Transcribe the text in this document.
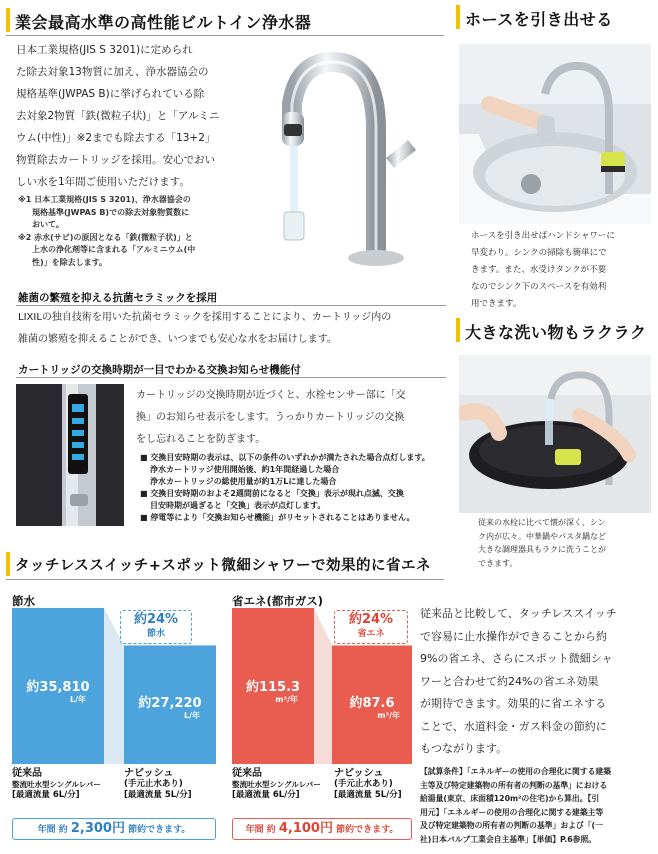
業会最高水準の高性能ビルトイン浄水器
日本工業規格(JIS S 3201)に定められ
た除去対象13物質に加え、浄水器協会の
規格基準(JWPAS B)に挙げられている除
去対象2物質「鉄(微粒子状)」と「アルミニ
ウム(中性)」※2までも除去する「13+2」
物質除去カートリッジを採用。安心でおい
しい水を1年間ご使用いただけます。
※1 日本工業規格(JIS S 3201)、浄水器協会の
規格基準(JWPAS B)での除去対象物質数に
おいて。
※2 赤水(サビ)の原因となる「鉄(微粒子状)」と
上水の浄化剤等に含まれる「アルミニウム(中
性)」を除去します。
ホースを引き出せる
ホースを引き出せばハンドシャワーに
早変わり。シンクの掃除も簡単にで
きます。また、水受けタンクが不要
なのでシンク下のスペースを有効利
用できます。
大きな洗い物もラクラク
従来の水栓に比べて懐が深く、シン
ク内が広々。中華鍋やパスタ鍋など
大きな調理器具もラクに洗うことが
できます。
雑菌の繁殖を抑える抗菌セラミックを採用
LIXILの独自技術を用いた抗菌セラミックを採用することにより、カートリッジ内の
雑菌の繁殖を抑えることができ、いつまでも安心な水をお届けします。
カートリッジの交換時期が一目でわかる交換お知らせ機能付
カートリッジの交換時期が近づくと、水栓センサー部に「交
換」のお知らせ表示をします。うっかりカートリッジの交換
をし忘れることを防ぎます。
■ 交換目安時期の表示は、以下の条件のいずれかが満たされた場合点灯します。
浄水カートリッジ使用開始後、約1年間経過した場合
浄水カートリッジの総使用量が約1万Lに達した場合
■ 交換目安時期のおよそ2週間前になると「交換」表示が現れ点滅、交換
目安時期が過ぎると「交換」表示が点灯します。
■ 停電等により「交換お知らせ機能」がリセットされることはありません。
タッチレススイッチ+スポット微細シャワーで効果的に省エネ
節水
約24%
節水
約35,810
L/年	約27,220
L/年
従来品
整流吐水型シングルレバー
[最適流量 6L/分]
ナビッシュ
(手元止水あり)
[最適流量 5L/分]
年間 約 2,300円 節約できます。
省エネ(都市ガス)
約24%
省エネ
約115.3
m³/年	約87.6
m³/年
従来品
整流吐水型シングルレバー
[最適流量 6L/分]
ナビッシュ
(手元止水あり)
[最適流量 5L/分]
年間 約 4,100円 節約できます。
従来品と比較して、タッチレススイッチ
で容易に止水操作ができることから約
9%の省エネ、さらにスポット微細シャ
ワーと合わせて約24%の省エネ効果
が期待できます。効果的に省エネする
ことで、水道料金・ガス料金の節約に
もつながります。
【試算条件】「エネルギーの使用の合理化に関する建築
主等及び特定建築物の所有者の判断の基準」における
給湯量(東京、床面積120m²の住宅)から算出。【引
用元】「エネルギーの使用の合理化に関する建築主等
及び特定建築物の所有者の判断の基準」および「(一
社)日本バルブ工業会自主基準」【単価】P.6参照。
